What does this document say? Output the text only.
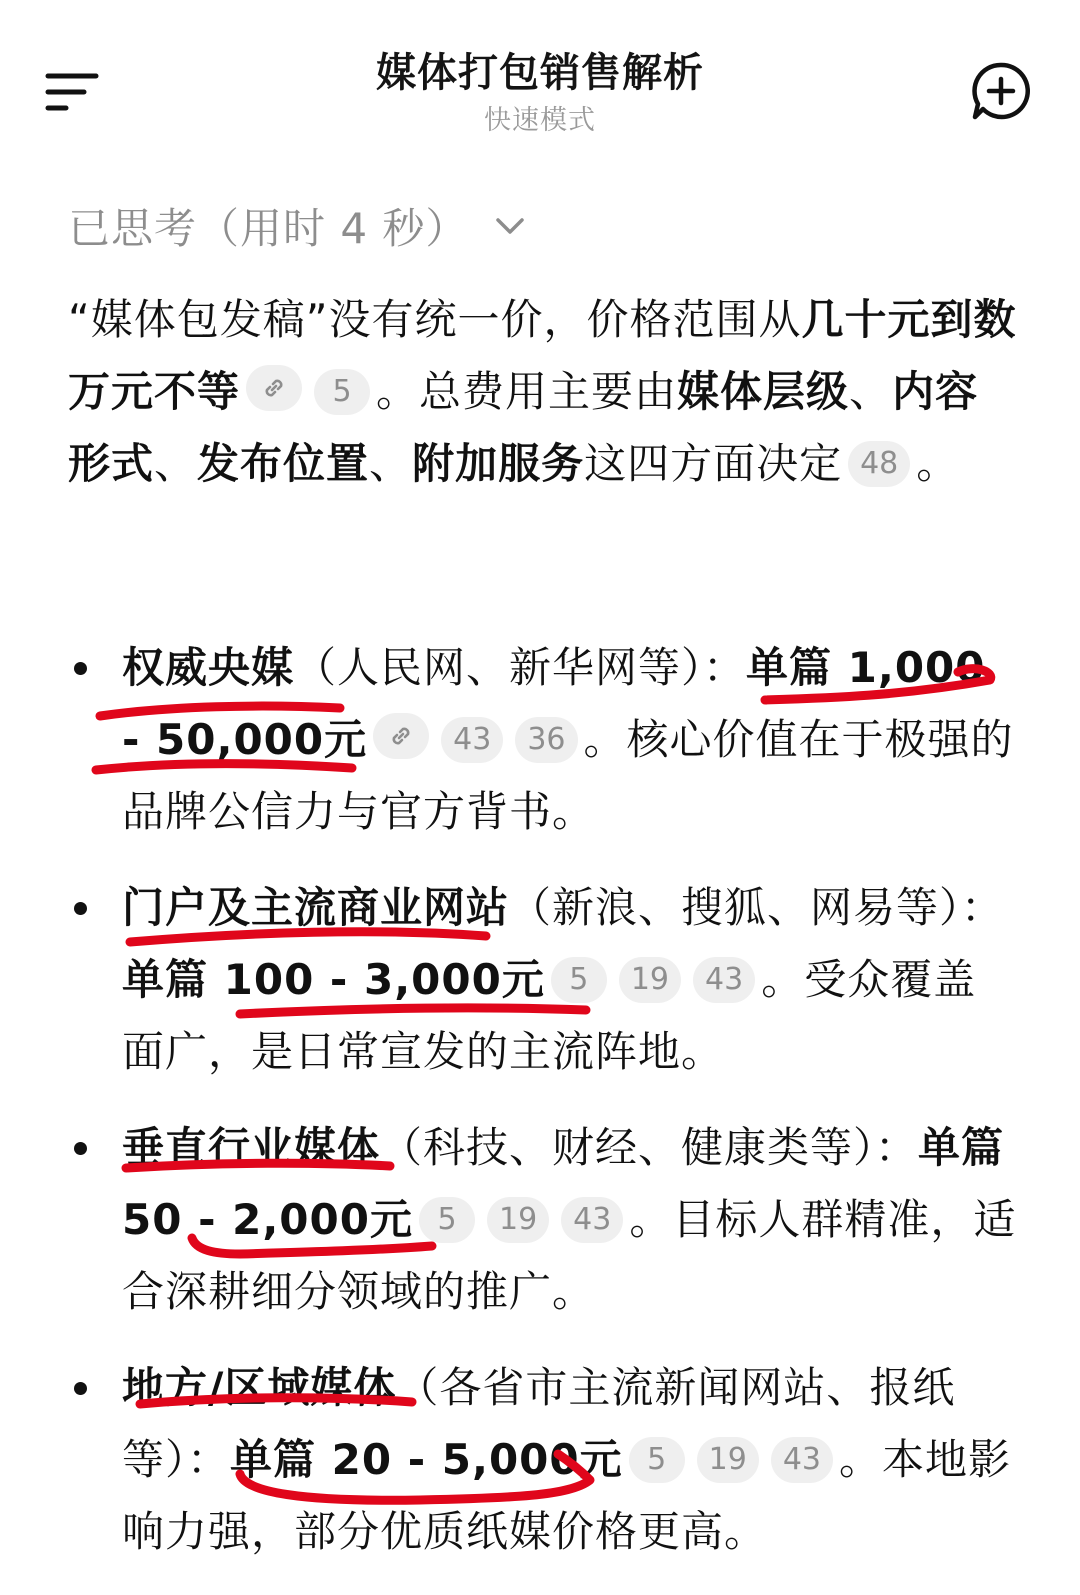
媒体打包销售解析
快速模式
已思考（用时 4 秒）

“媒体包发稿”没有统一价，价格范围从几十元到数万元不等	5 。总费用主要由媒体层级、内容形式、发布位置、附加服务这四方面决定 48 。

权威央媒（人民网、新华网等）：单篇 1,000 - 50,000元	43 36 。核心价值在于极强的品牌公信力与官方背书。
门户及主流商业网站（新浪、搜狐、网易等）：单篇 100 - 3,000元 5 19 43 。受众覆盖面广，是日常宣发的主流阵地。
垂直行业媒体（科技、财经、健康类等）：单篇 50 - 2,000元 5 19 43 。目标人群精准，适合深耕细分领域的推广。
地方/区域媒体（各省市主流新闻网站、报纸等）：单篇 20 - 5,000元 5 19 43 。本地影响力强，部分优质纸媒价格更高。
